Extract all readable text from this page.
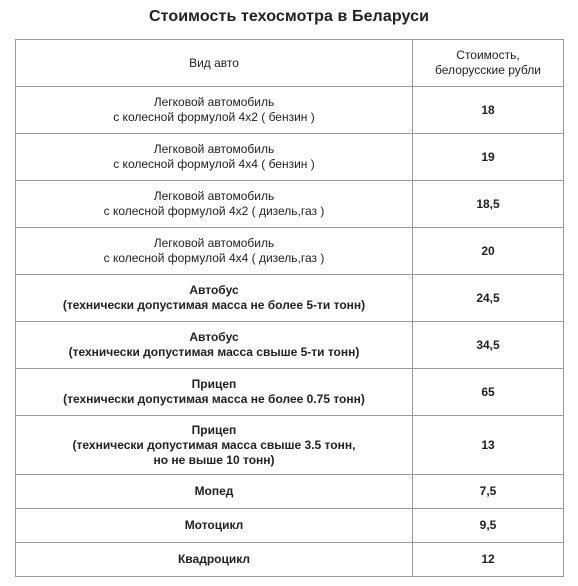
Стоимость техосмотра в Беларуси
Вид авто	Стоимость,
белорусские рубли

Легковой автомобиль
с колесной формулой 4х2 ( бензин )	18

Легковой автомобиль
с колесной формулой 4х4 ( бензин )	19

Легковой автомобиль
с колесной формулой 4х2 ( дизель,газ )	18,5

Легковой автомобиль
с колесной формулой 4х4 ( дизель,газ )	20

Автобус
(технически допустимая масса не более 5-ти тонн)	24,5

Автобус
(технически допустимая масса свыше 5-ти тонн)	34,5

Прицеп
(технически допустимая масса не более 0.75 тонн)	65

Прицеп
(технически допустимая масса свыше 3.5 тонн,
но не выше 10 тонн)	13

Мопед	7,5

Мотоцикл	9,5

Квадроцикл	12
